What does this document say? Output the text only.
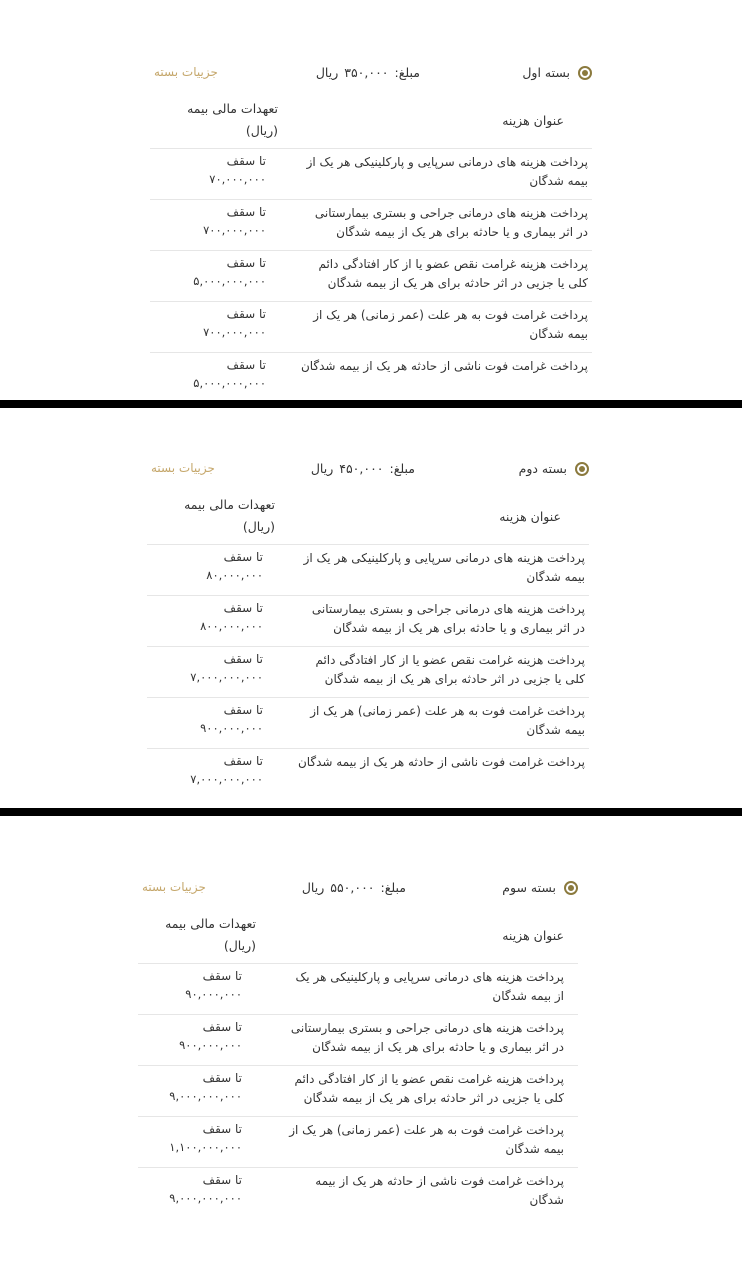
بسته اول
مبلغ:۳۵۰,۰۰۰ریال
جزییات بسته
عنوان هزینه	تعهدات مالی بیمه
(ریال)
پرداخت هزینه های درمانی سرپایی و پارکلینیکی هر یک از بیمه شدگان	تا سقف
۷۰,۰۰۰,۰۰۰

پرداخت هزینه های درمانی جراحی و بستری بیمارستانی در اثر بیماری و یا حادثه برای هر یک از بیمه شدگان	تا سقف
۷۰۰,۰۰۰,۰۰۰

پرداخت هزینه غرامت نقص عضو یا از کار افتادگی دائم کلی یا جزیی در اثر حادثه برای هر یک از بیمه شدگان	تا سقف
۵,۰۰۰,۰۰۰,۰۰۰

پرداخت غرامت فوت به هر علت (عمر زمانی) هر یک از بیمه شدگان	تا سقف
۷۰۰,۰۰۰,۰۰۰

پرداخت غرامت فوت ناشی از حادثه هر یک از بیمه شدگان	تا سقف
۵,۰۰۰,۰۰۰,۰۰۰
بسته دوم
مبلغ:۴۵۰,۰۰۰ریال
جزییات بسته
عنوان هزینه	تعهدات مالی بیمه
(ریال)
پرداخت هزینه های درمانی سرپایی و پارکلینیکی هر یک از بیمه شدگان	تا سقف
۸۰,۰۰۰,۰۰۰

پرداخت هزینه های درمانی جراحی و بستری بیمارستانی در اثر بیماری و یا حادثه برای هر یک از بیمه شدگان	تا سقف
۸۰۰,۰۰۰,۰۰۰

پرداخت هزینه غرامت نقص عضو یا از کار افتادگی دائم کلی یا جزیی در اثر حادثه برای هر یک از بیمه شدگان	تا سقف
۷,۰۰۰,۰۰۰,۰۰۰

پرداخت غرامت فوت به هر علت (عمر زمانی) هر یک از بیمه شدگان	تا سقف
۹۰۰,۰۰۰,۰۰۰

پرداخت غرامت فوت ناشی از حادثه هر یک از بیمه شدگان	تا سقف
۷,۰۰۰,۰۰۰,۰۰۰
بسته سوم
مبلغ:۵۵۰,۰۰۰ریال
جزییات بسته
عنوان هزینه	تعهدات مالی بیمه
(ریال)
پرداخت هزینه های درمانی سرپایی و پارکلینیکی هر یک از بیمه شدگان	تا سقف
۹۰,۰۰۰,۰۰۰

پرداخت هزینه های درمانی جراحی و بستری بیمارستانی در اثر بیماری و یا حادثه برای هر یک از بیمه شدگان	تا سقف
۹۰۰,۰۰۰,۰۰۰

پرداخت هزینه غرامت نقص عضو یا از کار افتادگی دائم کلی یا جزیی در اثر حادثه برای هر یک از بیمه شدگان	تا سقف
۹,۰۰۰,۰۰۰,۰۰۰

پرداخت غرامت فوت به هر علت (عمر زمانی) هر یک از بیمه شدگان	تا سقف
۱,۱۰۰,۰۰۰,۰۰۰

پرداخت غرامت فوت ناشی از حادثه هر یک از بیمه شدگان	تا سقف
۹,۰۰۰,۰۰۰,۰۰۰
